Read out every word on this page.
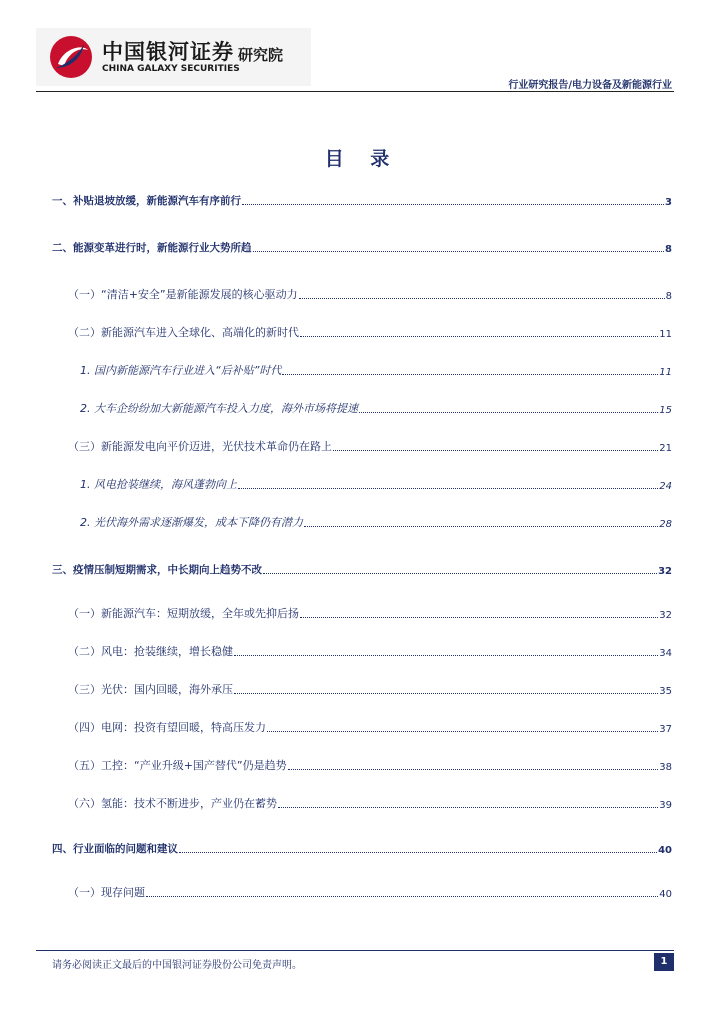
中国银河证券
CHINA GALAXY SECURITIES
研究院
行业研究报告/电力设备及新能源行业
目 录
一、补贴退坡放缓，新能源汽车有序前行	3
二、能源变革进行时，新能源行业大势所趋	8
（一）“清洁+安全”是新能源发展的核心驱动力	8
（二）新能源汽车进入全球化、高端化的新时代	11
1. 国内新能源汽车行业进入“后补贴”时代	11
2. 大车企纷纷加大新能源汽车投入力度，海外市场将提速	15
（三）新能源发电向平价迈进，光伏技术革命仍在路上	21
1. 风电抢装继续，海风蓬勃向上	24
2. 光伏海外需求逐渐爆发，成本下降仍有潜力	28
三、疫情压制短期需求，中长期向上趋势不改	32
（一）新能源汽车：短期放缓，全年或先抑后扬	32
（二）风电：抢装继续，增长稳健	34
（三）光伏：国内回暖，海外承压	35
（四）电网：投资有望回暖，特高压发力	37
（五）工控：“产业升级+国产替代”仍是趋势	38
（六）氢能：技术不断进步，产业仍在蓄势	39
四、行业面临的问题和建议	40
（一）现存问题	40
请务必阅读正文最后的中国银河证券股份公司免责声明。	1
